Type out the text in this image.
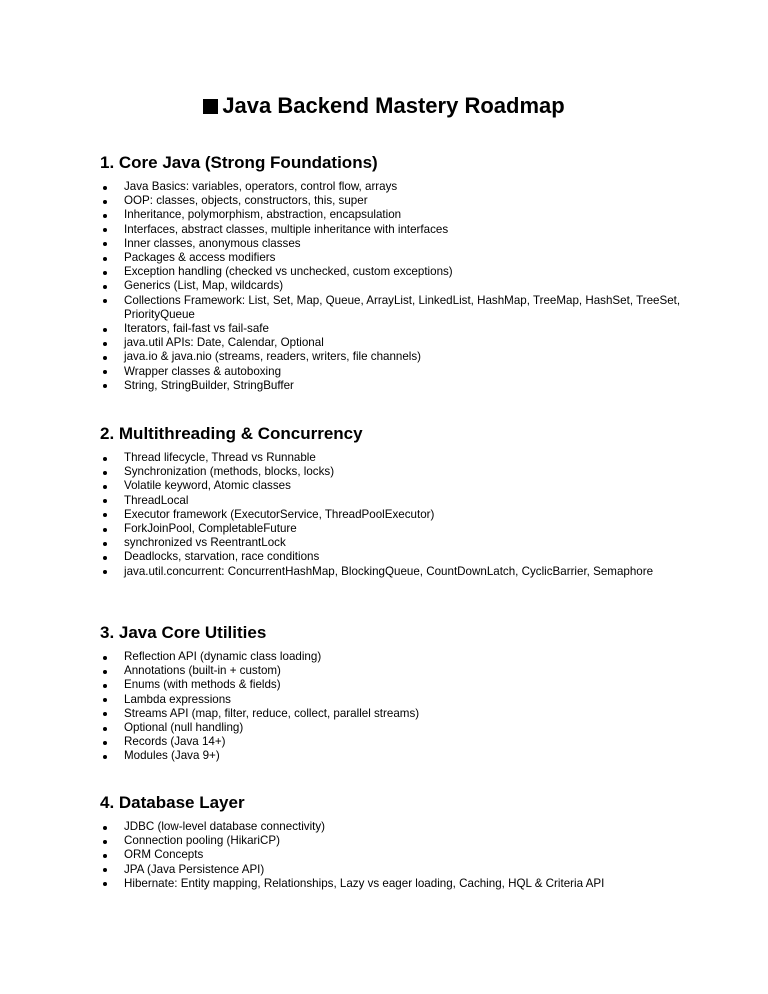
Java Backend Mastery Roadmap
1. Core Java (Strong Foundations)
Java Basics: variables, operators, control flow, arrays
OOP: classes, objects, constructors, this, super
Inheritance, polymorphism, abstraction, encapsulation
Interfaces, abstract classes, multiple inheritance with interfaces
Inner classes, anonymous classes
Packages & access modifiers
Exception handling (checked vs unchecked, custom exceptions)
Generics (List, Map, wildcards)
Collections Framework: List, Set, Map, Queue, ArrayList, LinkedList, HashMap, TreeMap, HashSet, TreeSet, PriorityQueue
Iterators, fail-fast vs fail-safe
java.util APIs: Date, Calendar, Optional
java.io & java.nio (streams, readers, writers, file channels)
Wrapper classes & autoboxing
String, StringBuilder, StringBuffer
2. Multithreading & Concurrency
Thread lifecycle, Thread vs Runnable
Synchronization (methods, blocks, locks)
Volatile keyword, Atomic classes
ThreadLocal
Executor framework (ExecutorService, ThreadPoolExecutor)
ForkJoinPool, CompletableFuture
synchronized vs ReentrantLock
Deadlocks, starvation, race conditions
java.util.concurrent: ConcurrentHashMap, BlockingQueue, CountDownLatch, CyclicBarrier, Semaphore
3. Java Core Utilities
Reflection API (dynamic class loading)
Annotations (built-in + custom)
Enums (with methods & fields)
Lambda expressions
Streams API (map, filter, reduce, collect, parallel streams)
Optional (null handling)
Records (Java 14+)
Modules (Java 9+)
4. Database Layer
JDBC (low-level database connectivity)
Connection pooling (HikariCP)
ORM Concepts
JPA (Java Persistence API)
Hibernate: Entity mapping, Relationships, Lazy vs eager loading, Caching, HQL & Criteria API
